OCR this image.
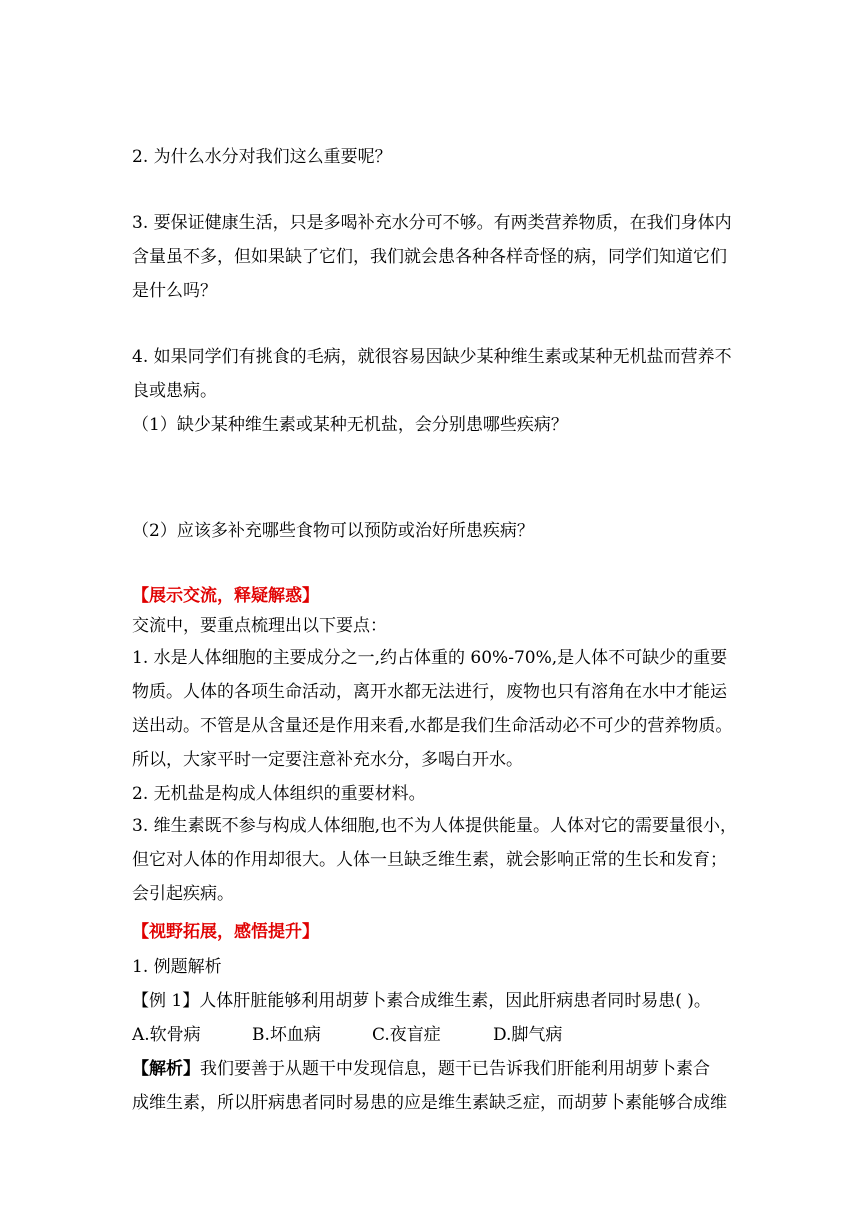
2. 为什么水分对我们这么重要呢？
3. 要保证健康生活，只是多喝补充水分可不够。有两类营养物质，在我们身体内
含量虽不多，但如果缺了它们，我们就会患各种各样奇怪的病，同学们知道它们
是什么吗？
4. 如果同学们有挑食的毛病，就很容易因缺少某种维生素或某种无机盐而营养不
良或患病。
（1）缺少某种维生素或某种无机盐，会分别患哪些疾病？
（2）应该多补充哪些食物可以预防或治好所患疾病？
【展示交流，释疑解惑】
交流中，要重点梳理出以下要点：
1. 水是人体细胞的主要成分之一,约占体重的 60%-70%,是人体不可缺少的重要
物质。人体的各项生命活动，离开水都无法进行，废物也只有溶角在水中才能运
送出动。不管是从含量还是作用来看,水都是我们生命活动必不可少的营养物质。
所以，大家平时一定要注意补充水分，多喝白开水。
2. 无机盐是构成人体组织的重要材料。
3. 维生素既不参与构成人体细胞,也不为人体提供能量。人体对它的需要量很小，
但它对人体的作用却很大。人体一旦缺乏维生素，就会影响正常的生长和发育；
会引起疾病。
【视野拓展，感悟提升】
1. 例题解析
【例 1】人体肝脏能够利用胡萝卜素合成维生素，因此肝病患者同时易患( )。
A.软骨病	B.坏血病	C.夜盲症	D.脚气病
【解析】我们要善于从题干中发现信息，题干已告诉我们肝能利用胡萝卜素合
成维生素，所以肝病患者同时易患的应是维生素缺乏症，而胡萝卜素能够合成维
